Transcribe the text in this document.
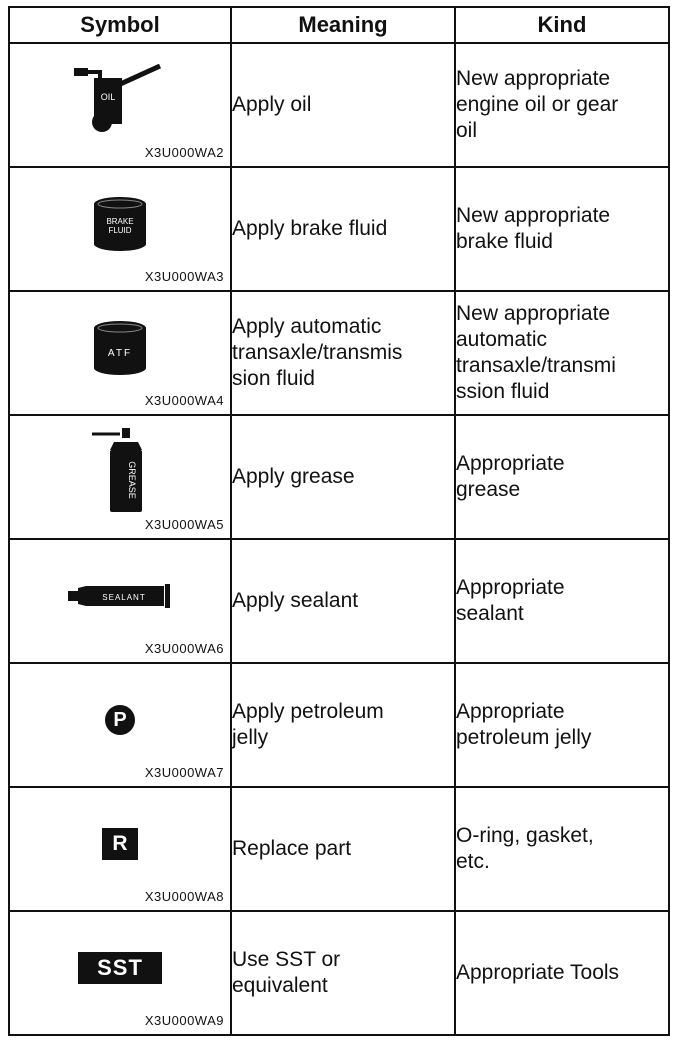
Symbol	Meaning	Kind

OIL
X3U000WA2	Apply oil	New appropriate
engine oil or gear
oil

BRAKE
FLUID
X3U000WA3	Apply brake fluid	New appropriate
brake fluid

ATF
X3U000WA4	Apply automatic
transaxle/transmis
sion fluid	New appropriate
automatic
transaxle/transmi
ssion fluid

GREASE
X3U000WA5	Apply grease	Appropriate
grease

SEALANT
X3U000WA6	Apply sealant	Appropriate
sealant

P
X3U000WA7	Apply petroleum
jelly	Appropriate
petroleum jelly

R
X3U000WA8	Replace part	O-ring, gasket,
etc.

SST
X3U000WA9	Use SST or
equivalent	Appropriate Tools
